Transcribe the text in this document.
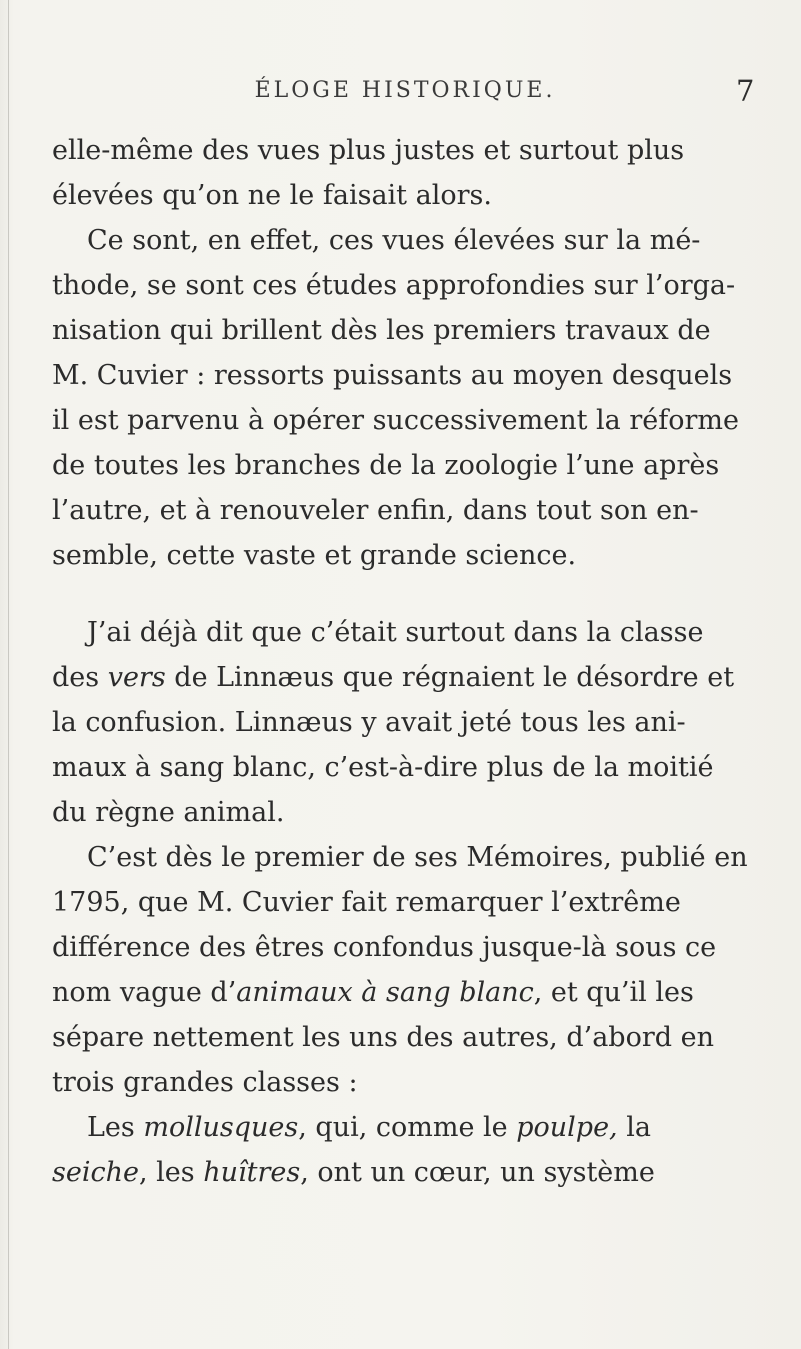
ÉLOGE HISTORIQUE.	7
elle-même des vues plus justes et surtout plus
élevées qu’on ne le faisait alors.
Ce sont, en effet, ces vues élevées sur la mé-
thode, se sont ces études approfondies sur l’orga-
nisation qui brillent dès les premiers travaux de
M. Cuvier : ressorts puissants au moyen desquels
il est parvenu à opérer successivement la réforme
de toutes les branches de la zoologie l’une après
l’autre, et à renouveler enfin, dans tout son en-
semble, cette vaste et grande science.
J’ai déjà dit que c’était surtout dans la classe
des vers de Linnæus que régnaient le désordre et
la confusion. Linnæus y avait jeté tous les ani-
maux à sang blanc, c’est-à-dire plus de la moitié
du règne animal.
C’est dès le premier de ses Mémoires, publié en
1795, que M. Cuvier fait remarquer l’extrême
différence des êtres confondus jusque-là sous ce
nom vague d’animaux à sang blanc, et qu’il les
sépare nettement les uns des autres, d’abord en
trois grandes classes :
Les mollusques, qui, comme le poulpe, la
seiche, les huîtres, ont un cœur, un système
